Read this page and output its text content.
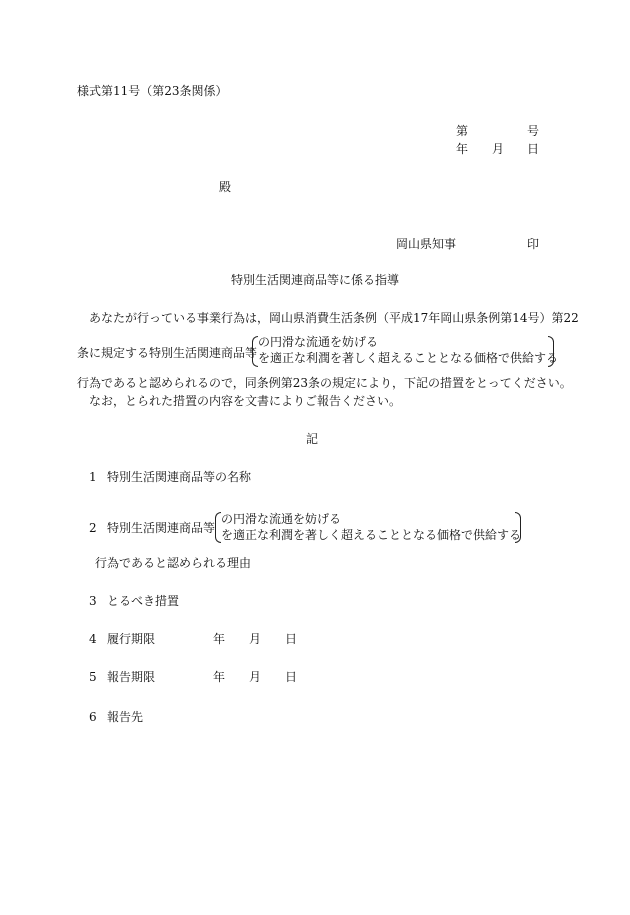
様式第11号（第23条関係）
第	号
年 月 日
殿
岡山県知事	印
特別生活関連商品等に係る指導
あなたが行っている事業行為は，岡山県消費生活条例（平成17年岡山県条例第14号）第22
条に規定する特別生活関連商品等
の円滑な流通を妨げる
を適正な利潤を著しく超えることとなる価格で供給する
行為であると認められるので，同条例第23条の規定により，下記の措置をとってください。
なお，とられた措置の内容を文書によりご報告ください。
記
1 特別生活関連商品等の名称
2 特別生活関連商品等
の円滑な流通を妨げる
を適正な利潤を著しく超えることとなる価格で供給する
行為であると認められる理由
3 とるべき措置
4 履行期限	年 月 日
5 報告期限	年 月 日
6 報告先
